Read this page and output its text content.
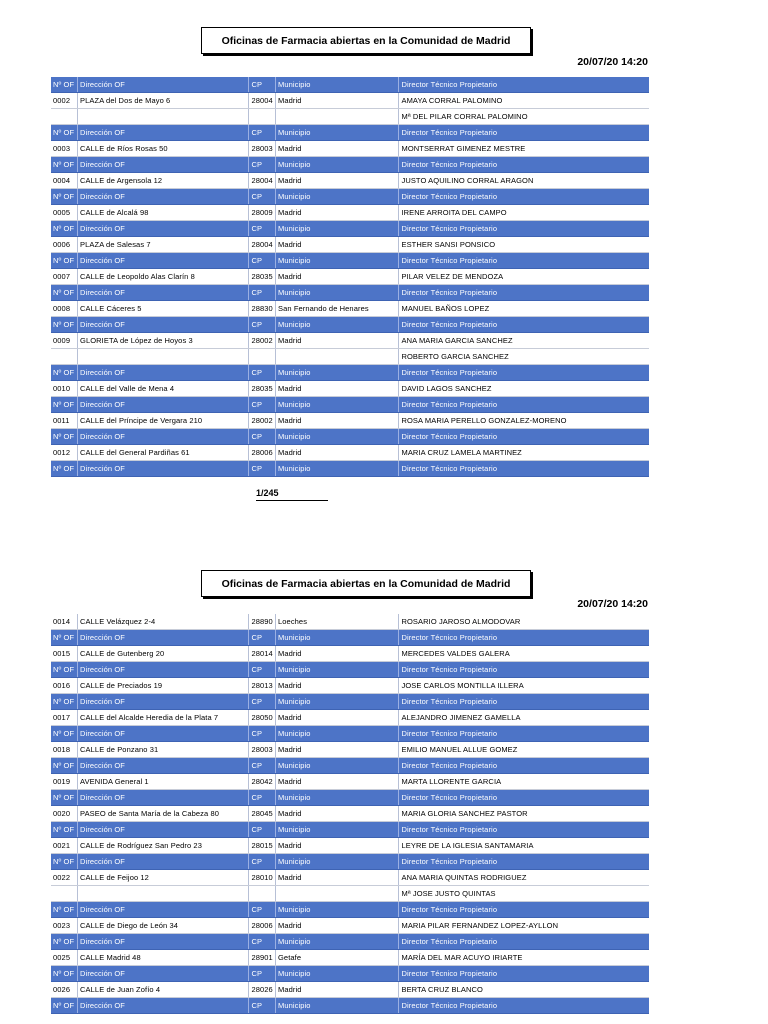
Oficinas de Farmacia abiertas en la Comunidad de Madrid
20/07/20 14:20
Nº OF	Dirección OF	CP	Municipio	Director Técnico Propietario
0002	PLAZA del Dos de Mayo 6	28004	Madrid	AMAYA CORRAL PALOMINO
				Mª DEL PILAR CORRAL PALOMINO
Nº OF	Dirección OF	CP	Municipio	Director Técnico Propietario
0003	CALLE de Ríos Rosas 50	28003	Madrid	MONTSERRAT GIMENEZ MESTRE
Nº OF	Dirección OF	CP	Municipio	Director Técnico Propietario
0004	CALLE de Argensola 12	28004	Madrid	JUSTO AQUILINO CORRAL ARAGON
Nº OF	Dirección OF	CP	Municipio	Director Técnico Propietario
0005	CALLE de Alcalá 98	28009	Madrid	IRENE ARROITA DEL CAMPO
Nº OF	Dirección OF	CP	Municipio	Director Técnico Propietario
0006	PLAZA de Salesas 7	28004	Madrid	ESTHER SANSI PONSICO
Nº OF	Dirección OF	CP	Municipio	Director Técnico Propietario
0007	CALLE de Leopoldo Alas Clarín 8	28035	Madrid	PILAR VELEZ DE MENDOZA
Nº OF	Dirección OF	CP	Municipio	Director Técnico Propietario
0008	CALLE Cáceres 5	28830	San Fernando de Henares	MANUEL BAÑOS LOPEZ
Nº OF	Dirección OF	CP	Municipio	Director Técnico Propietario
0009	GLORIETA de López de Hoyos 3	28002	Madrid	ANA MARIA GARCIA SANCHEZ
				ROBERTO GARCIA SANCHEZ
Nº OF	Dirección OF	CP	Municipio	Director Técnico Propietario
0010	CALLE del Valle de Mena 4	28035	Madrid	DAVID LAGOS SANCHEZ
Nº OF	Dirección OF	CP	Municipio	Director Técnico Propietario
0011	CALLE del Príncipe de Vergara 210	28002	Madrid	ROSA MARIA PERELLO GONZALEZ-MORENO
Nº OF	Dirección OF	CP	Municipio	Director Técnico Propietario
0012	CALLE del General Pardiñas 61	28006	Madrid	MARIA CRUZ LAMELA MARTINEZ
Nº OF	Dirección OF	CP	Municipio	Director Técnico Propietario
1/245
Oficinas de Farmacia abiertas en la Comunidad de Madrid
20/07/20 14:20
0014	CALLE Velázquez 2-4	28890	Loeches	ROSARIO JAROSO ALMODOVAR
Nº OF	Dirección OF	CP	Municipio	Director Técnico Propietario
0015	CALLE de Gutenberg 20	28014	Madrid	MERCEDES VALDES GALERA
Nº OF	Dirección OF	CP	Municipio	Director Técnico Propietario
0016	CALLE de Preciados 19	28013	Madrid	JOSE CARLOS MONTILLA ILLERA
Nº OF	Dirección OF	CP	Municipio	Director Técnico Propietario
0017	CALLE del Alcalde Heredia de la Plata 7	28050	Madrid	ALEJANDRO JIMENEZ GAMELLA
Nº OF	Dirección OF	CP	Municipio	Director Técnico Propietario
0018	CALLE de Ponzano 31	28003	Madrid	EMILIO MANUEL ALLUE GOMEZ
Nº OF	Dirección OF	CP	Municipio	Director Técnico Propietario
0019	AVENIDA General 1	28042	Madrid	MARTA LLORENTE GARCIA
Nº OF	Dirección OF	CP	Municipio	Director Técnico Propietario
0020	PASEO de Santa María de la Cabeza 80	28045	Madrid	MARIA GLORIA SANCHEZ PASTOR
Nº OF	Dirección OF	CP	Municipio	Director Técnico Propietario
0021	CALLE de Rodríguez San Pedro 23	28015	Madrid	LEYRE DE LA IGLESIA SANTAMARIA
Nº OF	Dirección OF	CP	Municipio	Director Técnico Propietario
0022	CALLE de Feijoo 12	28010	Madrid	ANA MARIA QUINTAS RODRIGUEZ
				Mª JOSE JUSTO QUINTAS
Nº OF	Dirección OF	CP	Municipio	Director Técnico Propietario
0023	CALLE de Diego de León 34	28006	Madrid	MARIA PILAR FERNANDEZ LOPEZ-AYLLON
Nº OF	Dirección OF	CP	Municipio	Director Técnico Propietario
0025	CALLE Madrid 48	28901	Getafe	MARÍA DEL MAR ACUYO IRIARTE
Nº OF	Dirección OF	CP	Municipio	Director Técnico Propietario
0026	CALLE de Juan Zofío 4	28026	Madrid	BERTA CRUZ BLANCO
Nº OF	Dirección OF	CP	Municipio	Director Técnico Propietario
